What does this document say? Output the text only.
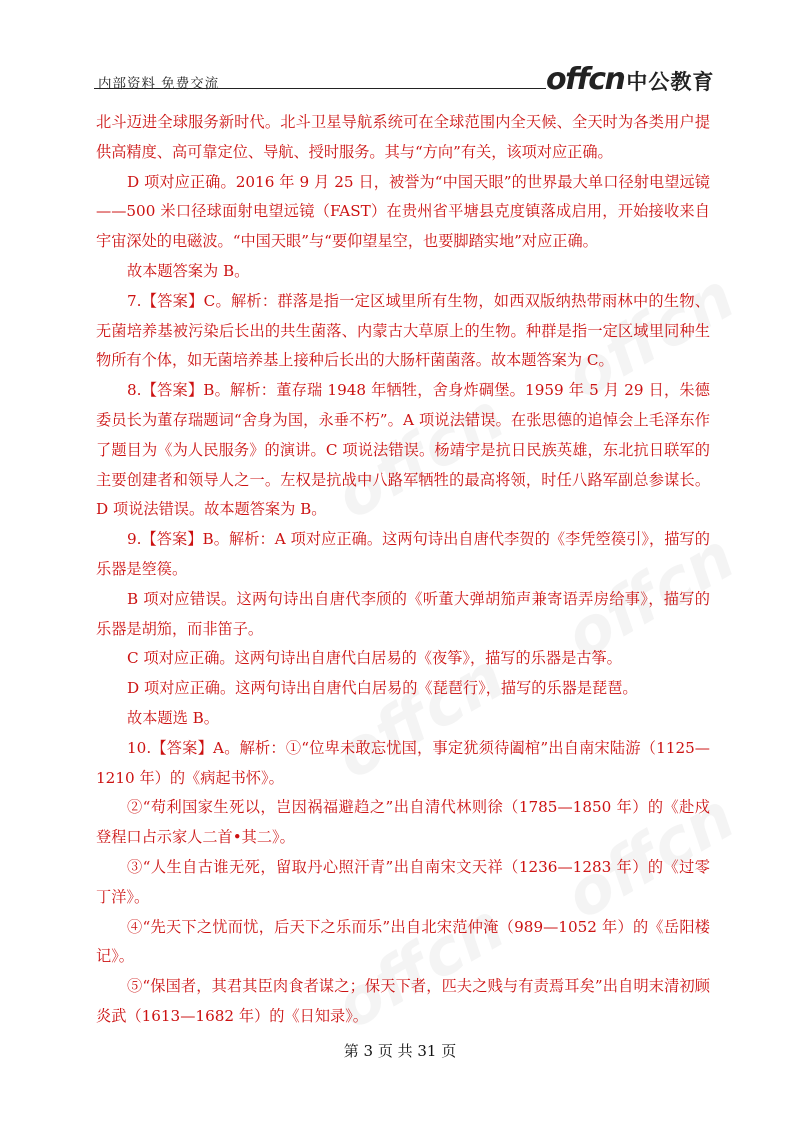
内部资料 免费交流	offcn中公教育

北斗迈进全球服务新时代。北斗卫星导航系统可在全球范围内全天候、全天时为各类用户提供高精度、高可靠定位、导航、授时服务。其与“方向”有关，该项对应正确。

D 项对应正确。2016 年 9 月 25 日，被誉为“中国天眼”的世界最大单口径射电望远镜——500 米口径球面射电望远镜（FAST）在贵州省平塘县克度镇落成启用，开始接收来自宇宙深处的电磁波。“中国天眼”与“要仰望星空，也要脚踏实地”对应正确。

故本题答案为 B。

7.【答案】C。解析：群落是指一定区域里所有生物，如西双版纳热带雨林中的生物、无菌培养基被污染后长出的共生菌落、内蒙古大草原上的生物。种群是指一定区域里同种生物所有个体，如无菌培养基上接种后长出的大肠杆菌菌落。故本题答案为 C。

8.【答案】B。解析：董存瑞 1948 年牺牲，舍身炸碉堡。1959 年 5 月 29 日，朱德委员长为董存瑞题词“舍身为国，永垂不朽”。A 项说法错误。在张思德的追悼会上毛泽东作了题目为《为人民服务》的演讲。C 项说法错误。杨靖宇是抗日民族英雄，东北抗日联军的主要创建者和领导人之一。左权是抗战中八路军牺牲的最高将领，时任八路军副总参谋长。D 项说法错误。故本题答案为 B。

9.【答案】B。解析：A 项对应正确。这两句诗出自唐代李贺的《李凭箜篌引》，描写的乐器是箜篌。

B 项对应错误。这两句诗出自唐代李颀的《听董大弹胡笳声兼寄语弄房给事》，描写的乐器是胡笳，而非笛子。

C 项对应正确。这两句诗出自唐代白居易的《夜筝》，描写的乐器是古筝。

D 项对应正确。这两句诗出自唐代白居易的《琵琶行》，描写的乐器是琵琶。

故本题选 B。

10.【答案】A。解析：①“位卑未敢忘忧国，事定犹须待阖棺”出自南宋陆游（1125—1210 年）的《病起书怀》。

②“苟利国家生死以，岂因祸福避趋之”出自清代林则徐（1785—1850 年）的《赴戍登程口占示家人二首•其二》。

③“人生自古谁无死，留取丹心照汗青”出自南宋文天祥（1236—1283 年）的《过零丁洋》。

④“先天下之忧而忧，后天下之乐而乐”出自北宋范仲淹（989—1052 年）的《岳阳楼记》。

⑤“保国者，其君其臣肉食者谋之；保天下者，匹夫之贱与有责焉耳矣”出自明末清初顾炎武（1613—1682 年）的《日知录》。

第 3 页 共 31 页
